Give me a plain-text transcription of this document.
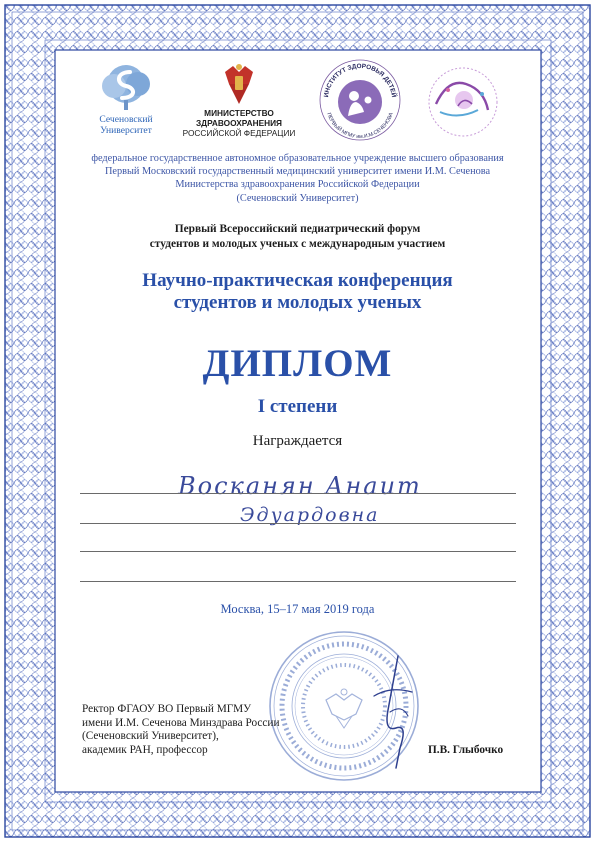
Сеченовский
Университет
МИНИСТЕРСТВО
ЗДРАВООХРАНЕНИЯ
РОССИЙСКОЙ ФЕДЕРАЦИИ
ИНСТИТУТ ЗДОРОВЬЯ ДЕТЕЙ
ПЕРВЫЙ МГМУ им.И.М.СЕЧЕНОВА
федеральное государственное автономное образовательное учреждение высшего образования
Первый Московский государственный медицинский университет имени И.М. Сеченова
Министерства здравоохранения Российской Федерации
(Сеченовский Университет)
Первый Всероссийский педиатрический форум
студентов и молодых ученых с международным участием
Научно-практическая конференция
студентов и молодых ученых
ДИПЛОМ
I степени
Награждается
Восканян Анаит
Эдуардовна
Москва, 15–17 мая 2019 года
Ректор ФГАОУ ВО Первый МГМУ
имени И.М. Сеченова Минздрава России
(Сеченовский Университет),
академик РАН, профессор	П.В. Глыбочко
